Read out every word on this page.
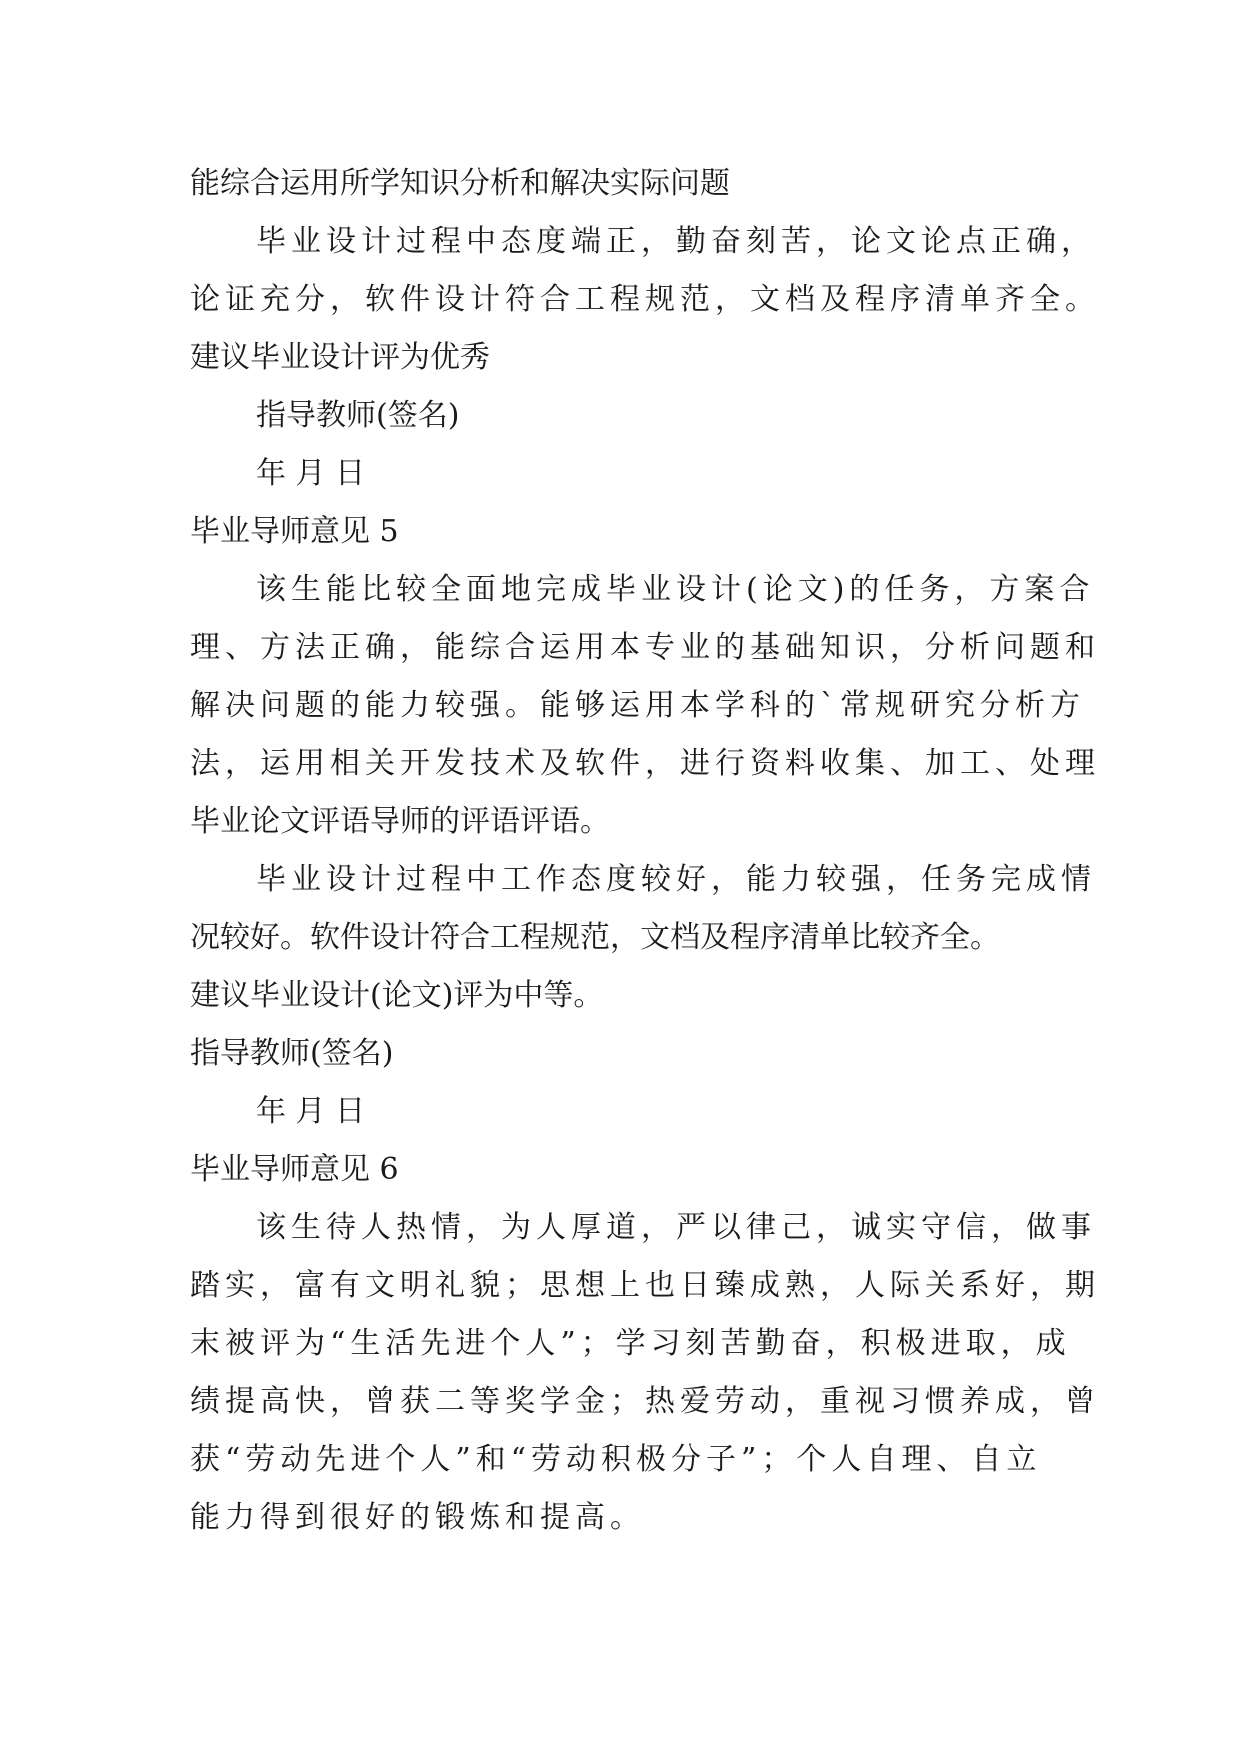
能综合运用所学知识分析和解决实际问题
毕业设计过程中态度端正，勤奋刻苦，论文论点正确，
论证充分，软件设计符合工程规范，文档及程序清单齐全。
建议毕业设计评为优秀
指导教师(签名)
年 月 日
毕业导师意见 5
该生能比较全面地完成毕业设计(论文)的任务，方案合
理、方法正确，能综合运用本专业的基础知识，分析问题和
解决问题的能力较强。能够运用本学科的`常规研究分析方
法，运用相关开发技术及软件，进行资料收集、加工、处理
毕业论文评语导师的评语评语。
毕业设计过程中工作态度较好，能力较强，任务完成情
况较好。软件设计符合工程规范，文档及程序清单比较齐全。
建议毕业设计(论文)评为中等。
指导教师(签名)
年 月 日
毕业导师意见 6
该生待人热情，为人厚道，严以律己，诚实守信，做事
踏实，富有文明礼貌；思想上也日臻成熟，人际关系好，期
末被评为“生活先进个人”；学习刻苦勤奋，积极进取，成
绩提高快，曾获二等奖学金；热爱劳动，重视习惯养成，曾
获“劳动先进个人”和“劳动积极分子”；个人自理、自立
能力得到很好的锻炼和提高。
